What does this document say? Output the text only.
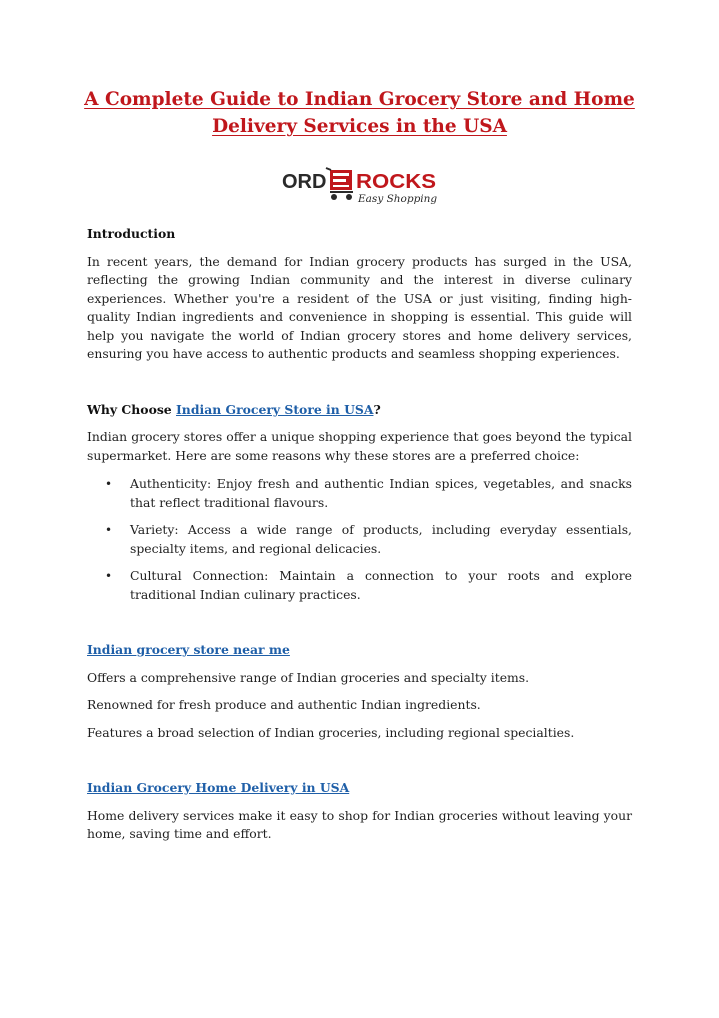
A Complete Guide to Indian Grocery Store and Home Delivery Services in the USA
ORD ROCKS
Easy Shopping

Introduction

In recent years, the demand for Indian grocery products has surged in the USA, reflecting the growing Indian community and the interest in diverse culinary experiences. Whether you're a resident of the USA or just visiting, finding high-quality Indian ingredients and convenience in shopping is essential. This guide will help you navigate the world of Indian grocery stores and home delivery services, ensuring you have access to authentic products and seamless shopping experiences.

Why Choose Indian Grocery Store in USA?

Indian grocery stores offer a unique shopping experience that goes beyond the typical supermarket. Here are some reasons why these stores are a preferred choice:

• Authenticity: Enjoy fresh and authentic Indian spices, vegetables, and snacks that reflect traditional flavours.
• Variety: Access a wide range of products, including everyday essentials, specialty items, and regional delicacies.
• Cultural Connection: Maintain a connection to your roots and explore traditional Indian culinary practices.

Indian grocery store near me

Offers a comprehensive range of Indian groceries and specialty items.

Renowned for fresh produce and authentic Indian ingredients.

Features a broad selection of Indian groceries, including regional specialties.

Indian Grocery Home Delivery in USA

Home delivery services make it easy to shop for Indian groceries without leaving your home, saving time and effort.
